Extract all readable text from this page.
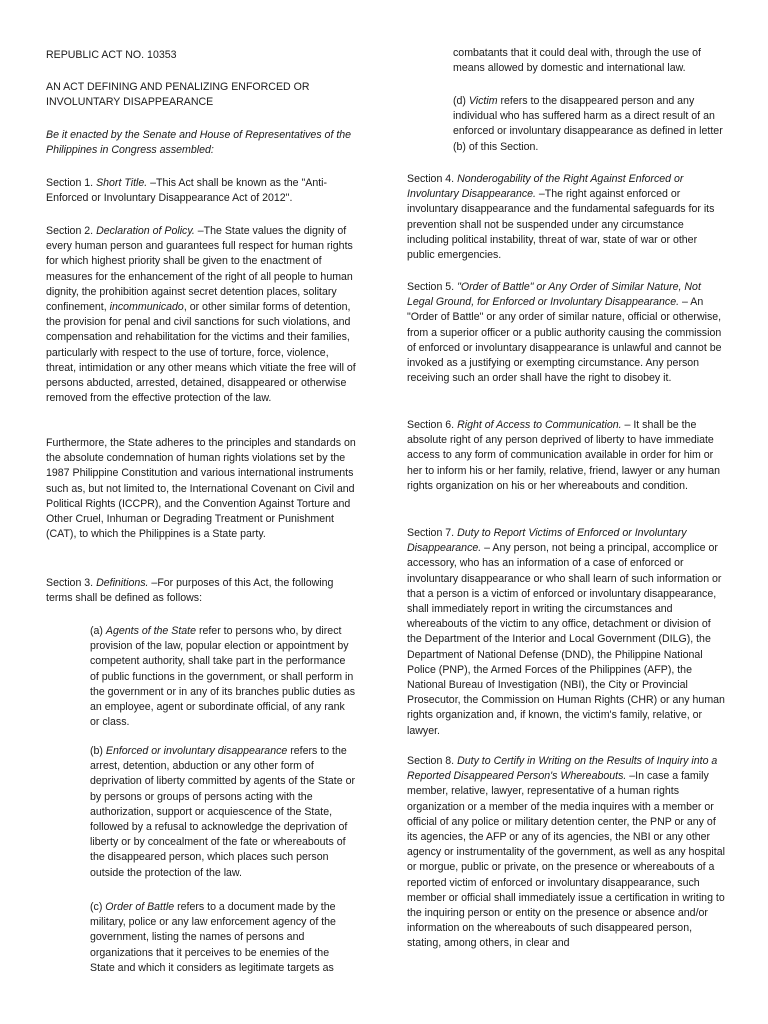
REPUBLIC ACT NO. 10353

AN ACT DEFINING AND PENALIZING ENFORCED OR INVOLUNTARY DISAPPEARANCE

Be it enacted by the Senate and House of Representatives of the Philippines in Congress assembled:

Section 1. Short Title. –This Act shall be known as the "Anti-Enforced or Involuntary Disappearance Act of 2012".

Section 2. Declaration of Policy. –The State values the dignity of every human person and guarantees full respect for human rights for which highest priority shall be given to the enactment of measures for the enhancement of the right of all people to human dignity, the prohibition against secret detention places, solitary confinement, incommunicado, or other similar forms of detention, the provision for penal and civil sanctions for such violations, and compensation and rehabilitation for the victims and their families, particularly with respect to the use of torture, force, violence, threat, intimidation or any other means which vitiate the free will of persons abducted, arrested, detained, disappeared or otherwise removed from the effective protection of the law.

Furthermore, the State adheres to the principles and standards on the absolute condemnation of human rights violations set by the 1987 Philippine Constitution and various international instruments such as, but not limited to, the International Covenant on Civil and Political Rights (ICCPR), and the Convention Against Torture and Other Cruel, Inhuman or Degrading Treatment or Punishment (CAT), to which the Philippines is a State party.

Section 3. Definitions. –For purposes of this Act, the following terms shall be defined as follows:

(a) Agents of the State refer to persons who, by direct provision of the law, popular election or appointment by competent authority, shall take part in the performance of public functions in the government, or shall perform in the government or in any of its branches public duties as an employee, agent or subordinate official, of any rank or class.

(b) Enforced or involuntary disappearance refers to the arrest, detention, abduction or any other form of deprivation of liberty committed by agents of the State or by persons or groups of persons acting with the authorization, support or acquiescence of the State, followed by a refusal to acknowledge the deprivation of liberty or by concealment of the fate or whereabouts of the disappeared person, which places such person outside the protection of the law.

(c) Order of Battle refers to a document made by the military, police or any law enforcement agency of the government, listing the names of persons and organizations that it perceives to be enemies of the State and which it considers as legitimate targets as

combatants that it could deal with, through the use of means allowed by domestic and international law.

(d) Victim refers to the disappeared person and any individual who has suffered harm as a direct result of an enforced or involuntary disappearance as defined in letter (b) of this Section.

Section 4. Nonderogability of the Right Against Enforced or Involuntary Disappearance. –The right against enforced or involuntary disappearance and the fundamental safeguards for its prevention shall not be suspended under any circumstance including political instability, threat of war, state of war or other public emergencies.

Section 5. "Order of Battle" or Any Order of Similar Nature, Not Legal Ground, for Enforced or Involuntary Disappearance. – An "Order of Battle" or any order of similar nature, official or otherwise, from a superior officer or a public authority causing the commission of enforced or involuntary disappearance is unlawful and cannot be invoked as a justifying or exempting circumstance. Any person receiving such an order shall have the right to disobey it.

Section 6. Right of Access to Communication. – It shall be the absolute right of any person deprived of liberty to have immediate access to any form of communication available in order for him or her to inform his or her family, relative, friend, lawyer or any human rights organization on his or her whereabouts and condition.

Section 7. Duty to Report Victims of Enforced or Involuntary Disappearance. – Any person, not being a principal, accomplice or accessory, who has an information of a case of enforced or involuntary disappearance or who shall learn of such information or that a person is a victim of enforced or involuntary disappearance, shall immediately report in writing the circumstances and whereabouts of the victim to any office, detachment or division of the Department of the Interior and Local Government (DILG), the Department of National Defense (DND), the Philippine National Police (PNP), the Armed Forces of the Philippines (AFP), the National Bureau of Investigation (NBI), the City or Provincial Prosecutor, the Commission on Human Rights (CHR) or any human rights organization and, if known, the victim's family, relative, or lawyer.

Section 8. Duty to Certify in Writing on the Results of Inquiry into a Reported Disappeared Person's Whereabouts. –In case a family member, relative, lawyer, representative of a human rights organization or a member of the media inquires with a member or official of any police or military detention center, the PNP or any of its agencies, the AFP or any of its agencies, the NBI or any other agency or instrumentality of the government, as well as any hospital or morgue, public or private, on the presence or whereabouts of a reported victim of enforced or involuntary disappearance, such member or official shall immediately issue a certification in writing to the inquiring person or entity on the presence or absence and/or information on the whereabouts of such disappeared person, stating, among others, in clear and
